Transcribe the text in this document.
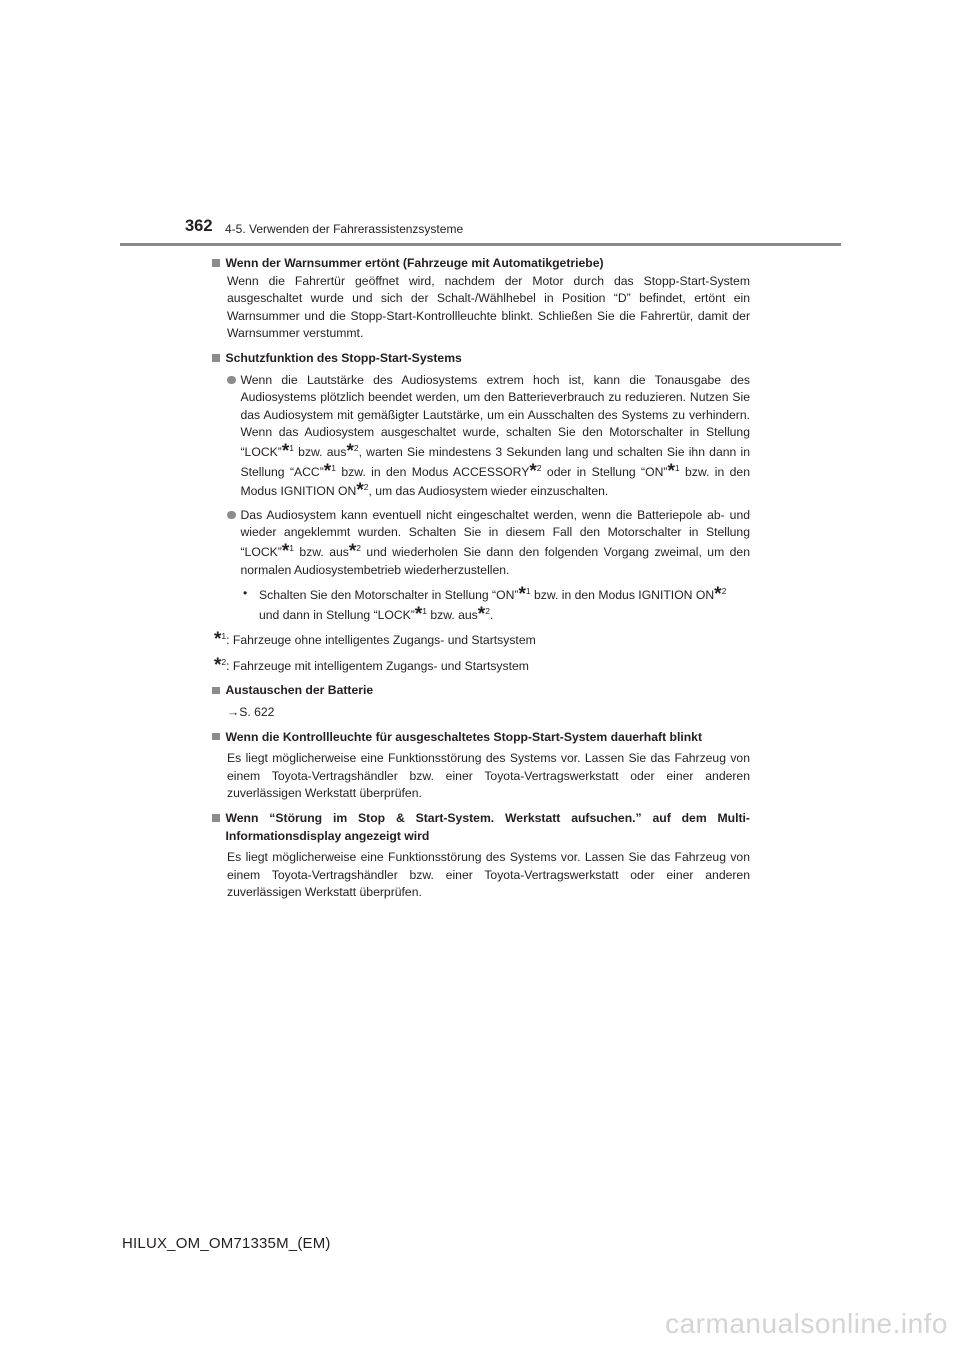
362 4-5. Verwenden der Fahrerassistenzsysteme
Wenn der Warnsummer ertönt (Fahrzeuge mit Automatikgetriebe)
Wenn die Fahrertür geöffnet wird, nachdem der Motor durch das Stopp-Start-System ausgeschaltet wurde und sich der Schalt-/Wählhebel in Position “D” befindet, ertönt ein Warnsummer und die Stopp-Start-Kontrollleuchte blinkt. Schließen Sie die Fahrertür, damit der Warnsummer verstummt.
Schutzfunktion des Stopp-Start-Systems
Wenn die Lautstärke des Audiosystems extrem hoch ist, kann die Tonausgabe des Audiosystems plötzlich beendet werden, um den Batterieverbrauch zu reduzieren. Nutzen Sie das Audiosystem mit gemäßigter Lautstärke, um ein Ausschalten des Systems zu verhindern. Wenn das Audiosystem ausgeschaltet wurde, schalten Sie den Motorschalter in Stellung “LOCK”*$^1$ bzw. aus*$^2$, warten Sie mindestens 3 Sekunden lang und schalten Sie ihn dann in Stellung “ACC”*$^1$ bzw. in den Modus ACCESSORY*$^2$ oder in Stellung “ON”*$^1$ bzw. in den Modus IGNITION ON*$^2$, um das Audiosystem wieder einzuschalten.
Das Audiosystem kann eventuell nicht eingeschaltet werden, wenn die Batteriepole ab- und wieder angeklemmt wurden. Schalten Sie in diesem Fall den Motorschalter in Stellung “LOCK”*$^1$ bzw. aus*$^2$ und wiederholen Sie dann den folgenden Vorgang zweimal, um den normalen Audiosystembetrieb wiederherzustellen.
• Schalten Sie den Motorschalter in Stellung “ON”*$^1$ bzw. in den Modus IGNITION ON*$^2$ und dann in Stellung “LOCK”*$^1$ bzw. aus*$^2$.
*$^1$: Fahrzeuge ohne intelligentes Zugangs- und Startsystem
*$^2$: Fahrzeuge mit intelligentem Zugangs- und Startsystem
Austauschen der Batterie
→S. 622
Wenn die Kontrollleuchte für ausgeschaltetes Stopp-Start-System dauerhaft blinkt
Es liegt möglicherweise eine Funktionsstörung des Systems vor. Lassen Sie das Fahrzeug von einem Toyota-Vertragshändler bzw. einer Toyota-Vertragswerkstatt oder einer anderen zuverlässigen Werkstatt überprüfen.
Wenn “Störung im Stop & Start-System. Werkstatt aufsuchen.” auf dem Multi-Informationsdisplay angezeigt wird
Es liegt möglicherweise eine Funktionsstörung des Systems vor. Lassen Sie das Fahrzeug von einem Toyota-Vertragshändler bzw. einer Toyota-Vertragswerkstatt oder einer anderen zuverlässigen Werkstatt überprüfen.
HILUX_OM_OM71335M_(EM)
carmanualsonline.info
